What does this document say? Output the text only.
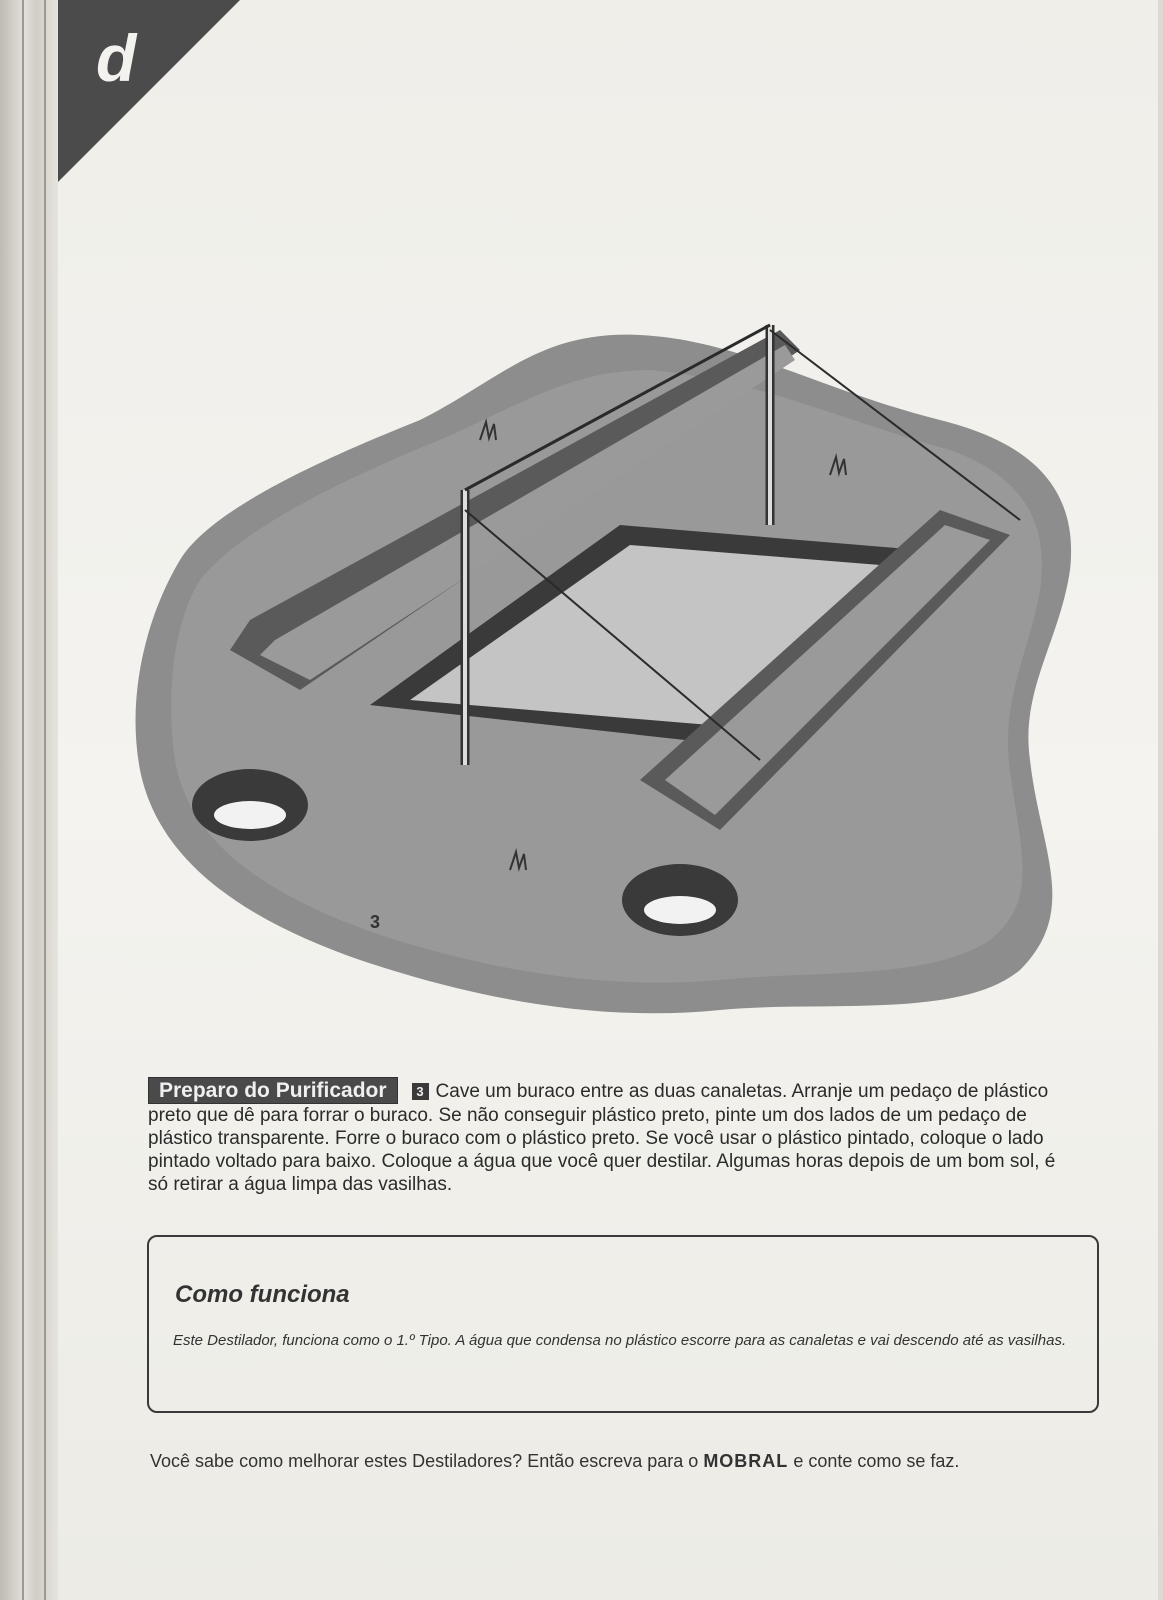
d
3
Preparo do Purificador 3 Cave um buraco entre as duas canaletas. Arranje um pedaço de plástico preto que dê para forrar o buraco. Se não conseguir plástico preto, pinte um dos lados de um pedaço de plástico transparente. Forre o buraco com o plástico preto. Se você usar o plástico pintado, coloque o lado pintado voltado para baixo. Coloque a água que você quer destilar. Algumas horas depois de um bom sol, é só retirar a água limpa das vasilhas.
Como funciona
Este Destilador, funciona como o 1.º Tipo. A água que condensa no plástico escorre para as canaletas e vai descendo até as vasilhas.
Você sabe como melhorar estes Destiladores? Então escreva para o MOBRAL e conte como se faz.
